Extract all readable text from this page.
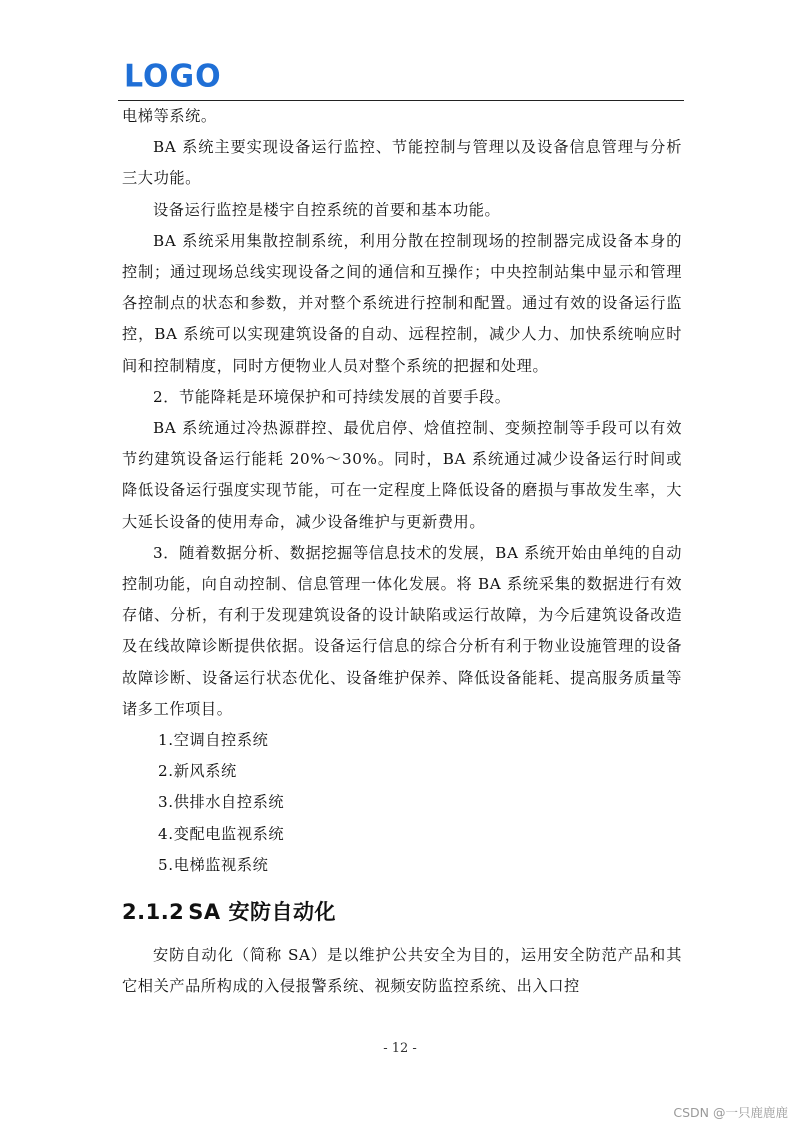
LOGO

电梯等系统。

BA 系统主要实现设备运行监控、节能控制与管理以及设备信息管理与分析三大功能。

设备运行监控是楼宇自控系统的首要和基本功能。

BA 系统采用集散控制系统，利用分散在控制现场的控制器完成设备本身的控制；通过现场总线实现设备之间的通信和互操作；中央控制站集中显示和管理各控制点的状态和参数，并对整个系统进行控制和配置。通过有效的设备运行监控，BA 系统可以实现建筑设备的自动、远程控制，减少人力、加快系统响应时间和控制精度，同时方便物业人员对整个系统的把握和处理。

2．节能降耗是环境保护和可持续发展的首要手段。

BA 系统通过冷热源群控、最优启停、焓值控制、变频控制等手段可以有效节约建筑设备运行能耗 20%～30%。同时，BA 系统通过减少设备运行时间或降低设备运行强度实现节能，可在一定程度上降低设备的磨损与事故发生率，大大延长设备的使用寿命，减少设备维护与更新费用。

3．随着数据分析、数据挖掘等信息技术的发展，BA 系统开始由单纯的自动控制功能，向自动控制、信息管理一体化发展。将 BA 系统采集的数据进行有效存储、分析，有利于发现建筑设备的设计缺陷或运行故障，为今后建筑设备改造及在线故障诊断提供依据。设备运行信息的综合分析有利于物业设施管理的设备故障诊断、设备运行状态优化、设备维护保养、降低设备能耗、提高服务质量等诸多工作项目。

1.空调自控系统

2.新风系统

3.供排水自控系统

4.变配电监视系统

5.电梯监视系统

2.1.2 SA 安防自动化

安防自动化（简称 SA）是以维护公共安全为目的，运用安全防范产品和其它相关产品所构成的入侵报警系统、视频安防监控系统、出入口控

- 12 -
CSDN @一只鹿鹿鹿
